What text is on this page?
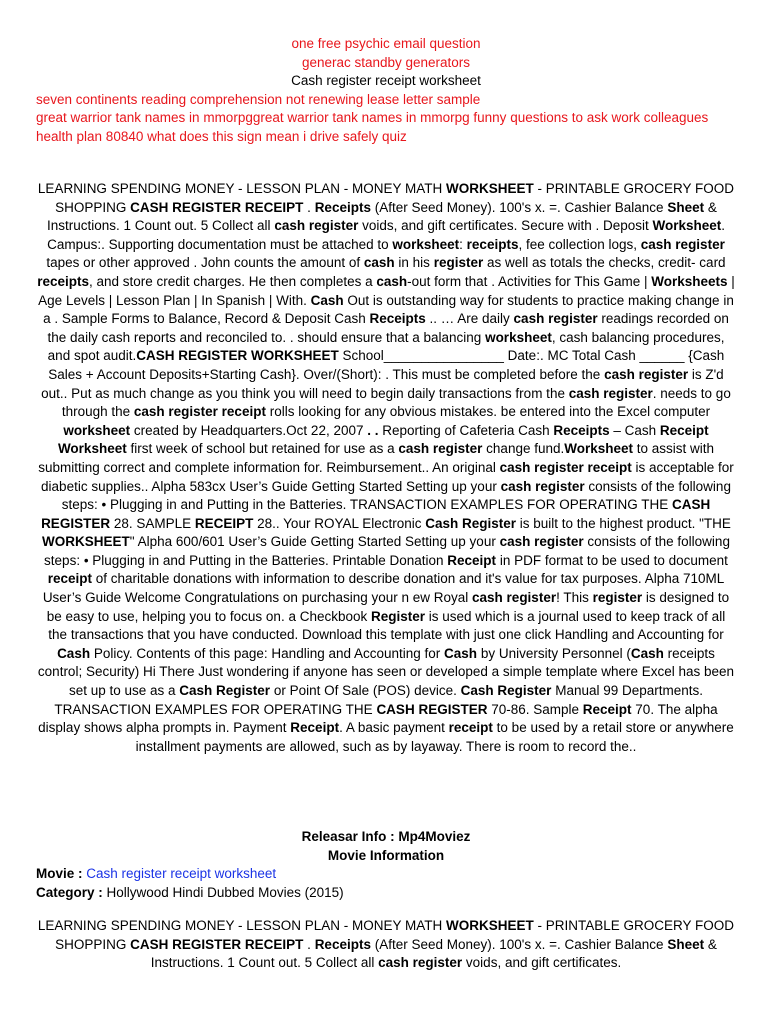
one free psychic email question
generac standby generators
Cash register receipt worksheet
seven continents reading comprehension not renewing lease letter sample
great warrior tank names in mmorpggreat warrior tank names in mmorpg funny questions to ask work colleagues
health plan 80840 what does this sign mean i drive safely quiz
LEARNING SPENDING MONEY - LESSON PLAN - MONEY MATH WORKSHEET - PRINTABLE GROCERY FOOD SHOPPING CASH REGISTER RECEIPT . Receipts (After Seed Money). 100's x. =. Cashier Balance Sheet & Instructions. 1 Count out. 5 Collect all cash register voids, and gift certificates. Secure with . Deposit Worksheet. Campus:. Supporting documentation must be attached to worksheet: receipts, fee collection logs, cash register tapes or other approved . John counts the amount of cash in his register as well as totals the checks, credit- card receipts, and store credit charges. He then completes a cash-out form that . Activities for This Game | Worksheets | Age Levels | Lesson Plan | In Spanish | With. Cash Out is outstanding way for students to practice making change in a . Sample Forms to Balance, Record & Deposit Cash Receipts .. … Are daily cash register readings recorded on the daily cash reports and reconciled to. . should ensure that a balancing worksheet, cash balancing procedures, and spot audit.CASH REGISTER WORKSHEET School________________ Date:. MC Total Cash ______ {Cash Sales + Account Deposits+Starting Cash}. Over/(Short): . This must be completed before the cash register is Z'd out.. Put as much change as you think you will need to begin daily transactions from the cash register. needs to go through the cash register receipt rolls looking for any obvious mistakes. be entered into the Excel computer worksheet created by Headquarters.Oct 22, 2007 . . Reporting of Cafeteria Cash Receipts – Cash Receipt Worksheet first week of school but retained for use as a cash register change fund.Worksheet to assist with submitting correct and complete information for. Reimbursement.. An original cash register receipt is acceptable for diabetic supplies.. Alpha 583cx User’s Guide Getting Started Setting up your cash register consists of the following steps: • Plugging in and Putting in the Batteries. TRANSACTION EXAMPLES FOR OPERATING THE CASH REGISTER 28. SAMPLE RECEIPT 28.. Your ROYAL Electronic Cash Register is built to the highest product. "THE WORKSHEET" Alpha 600/601 User’s Guide Getting Started Setting up your cash register consists of the following steps: • Plugging in and Putting in the Batteries. Printable Donation Receipt in PDF format to be used to document receipt of charitable donations with information to describe donation and it's value for tax purposes. Alpha 710ML User’s Guide Welcome Congratulations on purchasing your n ew Royal cash register! This register is designed to be easy to use, helping you to focus on. a Checkbook Register is used which is a journal used to keep track of all the transactions that you have conducted. Download this template with just one click Handling and Accounting for Cash Policy. Contents of this page: Handling and Accounting for Cash by University Personnel (Cash receipts control; Security) Hi There Just wondering if anyone has seen or developed a simple template where Excel has been set up to use as a Cash Register or Point Of Sale (POS) device. Cash Register Manual 99 Departments. TRANSACTION EXAMPLES FOR OPERATING THE CASH REGISTER 70-86. Sample Receipt 70. The alpha display shows alpha prompts in. Payment Receipt. A basic payment receipt to be used by a retail store or anywhere installment payments are allowed, such as by layaway. There is room to record the..
Releasar Info : Mp4Moviez
Movie Information
Movie : Cash register receipt worksheet
Category : Hollywood Hindi Dubbed Movies (2015)
LEARNING SPENDING MONEY - LESSON PLAN - MONEY MATH WORKSHEET - PRINTABLE GROCERY FOOD SHOPPING CASH REGISTER RECEIPT . Receipts (After Seed Money). 100's x. =. Cashier Balance Sheet & Instructions. 1 Count out. 5 Collect all cash register voids, and gift certificates.
